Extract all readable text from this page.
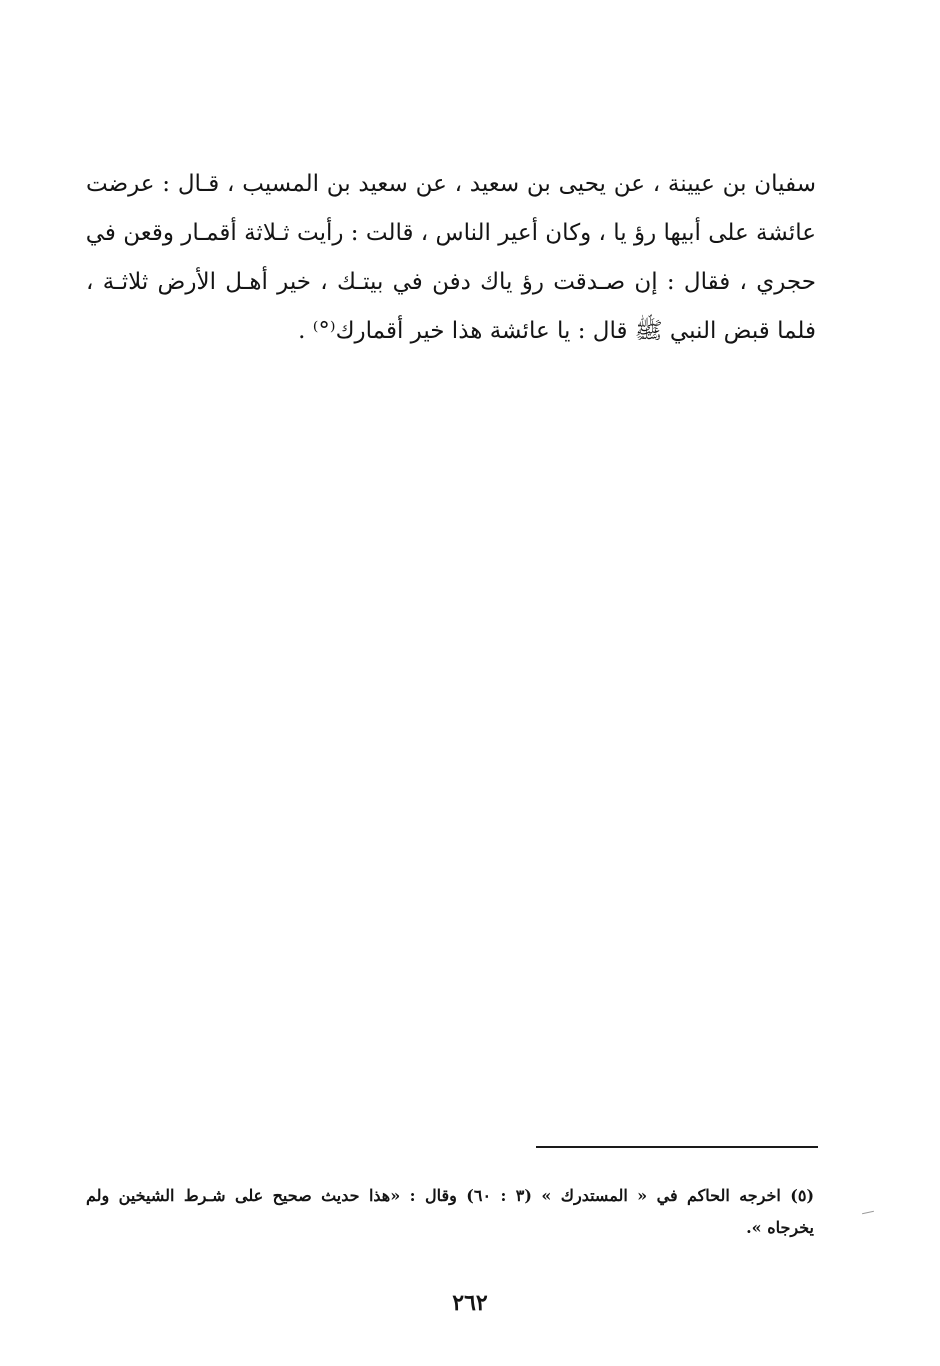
سفيان بن عيينة ، عن يحيى بن سعيد ، عن سعيد بن المسيب ، قـال : عرضت
عائشة على أبيها رؤ يا ، وكان أعير الناس ، قالت : رأيت ثـلاثة أقمـار وقعن في
حجري ، فقال : إن صـدقت رؤ ياك دفن في بيتـك ، خير أهـل الأرض ثلاثـة ،
فلما قبض النبي ﷺ قال : يا عائشة هذا خير أقمارك⁽°⁾ .
(٥) اخرجه الحاكم في « المستدرك » (٣ : ٦٠) وقال : «هذا حديث صحيح على شـرط الشيخين ولم
يخرجاه ».
٢٦٢
